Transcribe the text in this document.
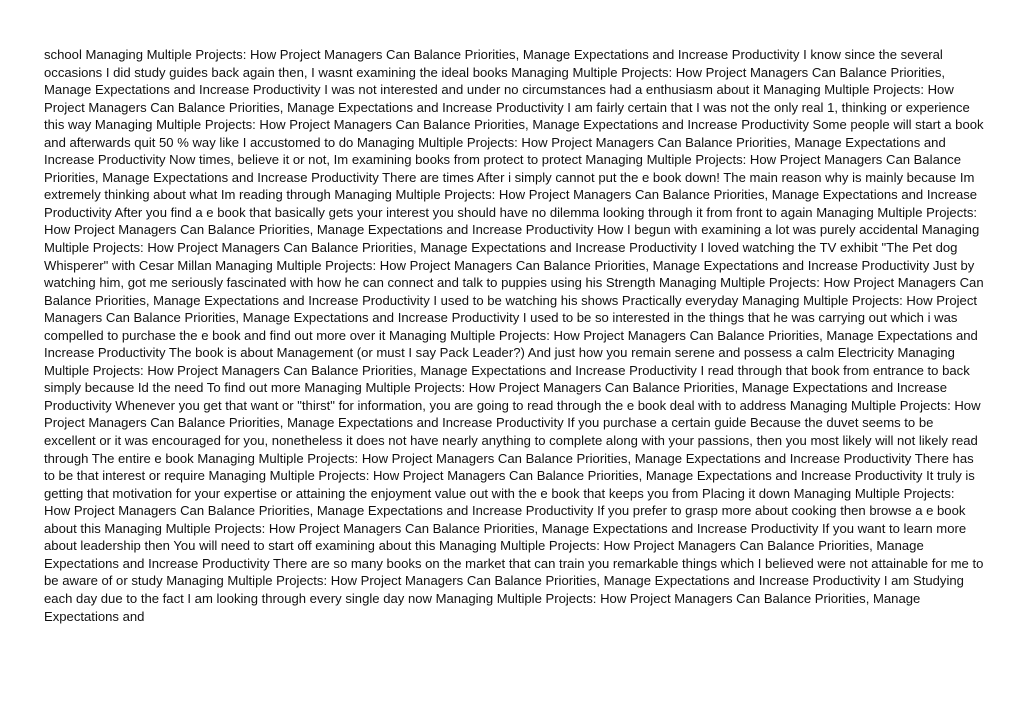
school Managing Multiple Projects: How Project Managers Can Balance Priorities, Manage Expectations and Increase Productivity I know since the several occasions I did study guides back again then, I wasnt examining the ideal books Managing Multiple Projects: How Project Managers Can Balance Priorities, Manage Expectations and Increase Productivity I was not interested and under no circumstances had a enthusiasm about it Managing Multiple Projects: How Project Managers Can Balance Priorities, Manage Expectations and Increase Productivity I am fairly certain that I was not the only real 1, thinking or experience this way Managing Multiple Projects: How Project Managers Can Balance Priorities, Manage Expectations and Increase Productivity Some people will start a book and afterwards quit 50 % way like I accustomed to do Managing Multiple Projects: How Project Managers Can Balance Priorities, Manage Expectations and Increase Productivity Now times, believe it or not, Im examining books from protect to protect Managing Multiple Projects: How Project Managers Can Balance Priorities, Manage Expectations and Increase Productivity There are times After i simply cannot put the e book down! The main reason why is mainly because Im extremely thinking about what Im reading through Managing Multiple Projects: How Project Managers Can Balance Priorities, Manage Expectations and Increase Productivity After you find a e book that basically gets your interest you should have no dilemma looking through it from front to again Managing Multiple Projects: How Project Managers Can Balance Priorities, Manage Expectations and Increase Productivity How I begun with examining a lot was purely accidental Managing Multiple Projects: How Project Managers Can Balance Priorities, Manage Expectations and Increase Productivity I loved watching the TV exhibit "The Pet dog Whisperer" with Cesar Millan Managing Multiple Projects: How Project Managers Can Balance Priorities, Manage Expectations and Increase Productivity Just by watching him, got me seriously fascinated with how he can connect and talk to puppies using his Strength Managing Multiple Projects: How Project Managers Can Balance Priorities, Manage Expectations and Increase Productivity I used to be watching his shows Practically everyday Managing Multiple Projects: How Project Managers Can Balance Priorities, Manage Expectations and Increase Productivity I used to be so interested in the things that he was carrying out which i was compelled to purchase the e book and find out more over it Managing Multiple Projects: How Project Managers Can Balance Priorities, Manage Expectations and Increase Productivity The book is about Management (or must I say Pack Leader?) And just how you remain serene and possess a calm Electricity Managing Multiple Projects: How Project Managers Can Balance Priorities, Manage Expectations and Increase Productivity I read through that book from entrance to back simply because Id the need To find out more Managing Multiple Projects: How Project Managers Can Balance Priorities, Manage Expectations and Increase Productivity Whenever you get that want or "thirst" for information, you are going to read through the e book deal with to address Managing Multiple Projects: How Project Managers Can Balance Priorities, Manage Expectations and Increase Productivity If you purchase a certain guide Because the duvet seems to be excellent or it was encouraged for you, nonetheless it does not have nearly anything to complete along with your passions, then you most likely will not likely read through The entire e book Managing Multiple Projects: How Project Managers Can Balance Priorities, Manage Expectations and Increase Productivity There has to be that interest or require Managing Multiple Projects: How Project Managers Can Balance Priorities, Manage Expectations and Increase Productivity It truly is getting that motivation for your expertise or attaining the enjoyment value out with the e book that keeps you from Placing it down Managing Multiple Projects: How Project Managers Can Balance Priorities, Manage Expectations and Increase Productivity If you prefer to grasp more about cooking then browse a e book about this Managing Multiple Projects: How Project Managers Can Balance Priorities, Manage Expectations and Increase Productivity If you want to learn more about leadership then You will need to start off examining about this Managing Multiple Projects: How Project Managers Can Balance Priorities, Manage Expectations and Increase Productivity There are so many books on the market that can train you remarkable things which I believed were not attainable for me to be aware of or study Managing Multiple Projects: How Project Managers Can Balance Priorities, Manage Expectations and Increase Productivity I am Studying each day due to the fact I am looking through every single day now Managing Multiple Projects: How Project Managers Can Balance Priorities, Manage Expectations and
